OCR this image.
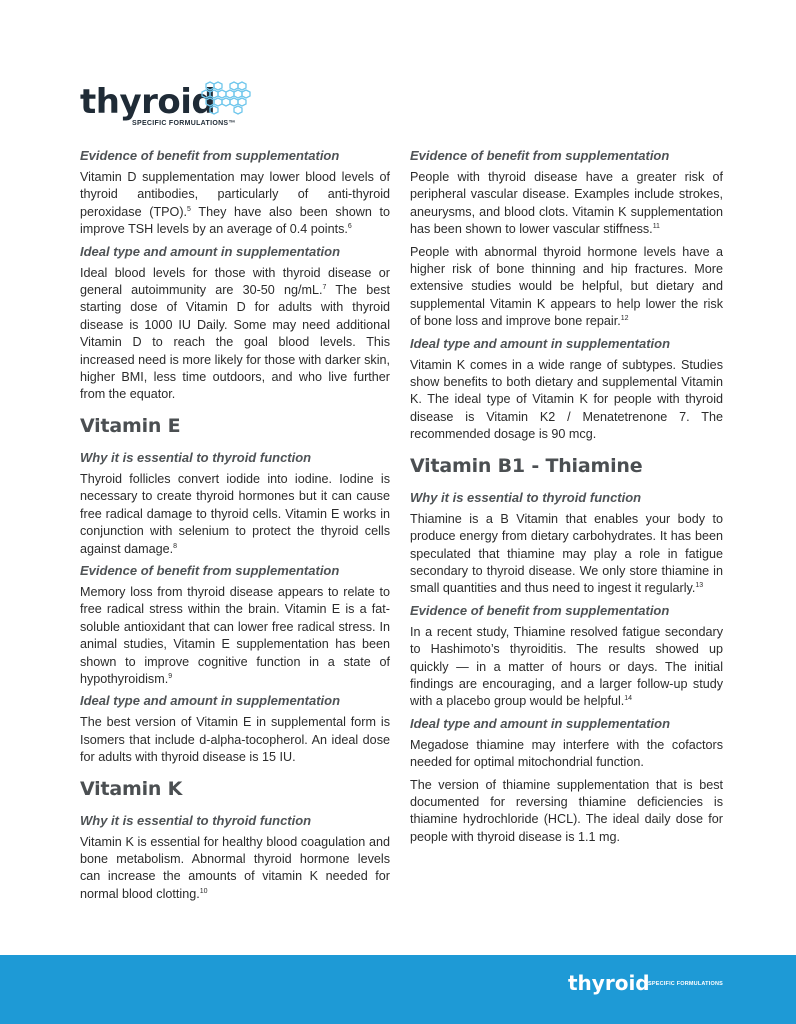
thyroid
SPECIFIC FORMULATIONS™
Evidence of benefit from supplementation
Vitamin D supplementation may lower blood levels of thyroid antibodies, particularly of anti-thyroid peroxidase (TPO).$^5$ They have also been shown to improve TSH levels by an average of 0.4 points.$^6$
Ideal type and amount in supplementation
Ideal blood levels for those with thyroid disease or general autoimmunity are 30-50 ng/mL.$^7$ The best starting dose of Vitamin D for adults with thyroid disease is 1000 IU Daily. Some may need additional Vitamin D to reach the goal blood levels. This increased need is more likely for those with darker skin, higher BMI, less time outdoors, and who live further from the equator.
Vitamin E
Why it is essential to thyroid function
Thyroid follicles convert iodide into iodine. Iodine is necessary to create thyroid hormones but it can cause free radical damage to thyroid cells. Vitamin E works in conjunction with selenium to protect the thyroid cells against damage.$^8$
Evidence of benefit from supplementation
Memory loss from thyroid disease appears to relate to free radical stress within the brain. Vitamin E is a fat-soluble antioxidant that can lower free radical stress. In animal studies, Vitamin E supplementation has been shown to improve cognitive function in a state of hypothyroidism.$^9$
Ideal type and amount in supplementation
The best version of Vitamin E in supplemental form is Isomers that include d-alpha-tocopherol. An ideal dose for adults with thyroid disease is 15 IU.
Vitamin K
Why it is essential to thyroid function
Vitamin K is essential for healthy blood coagulation and bone metabolism. Abnormal thyroid hormone levels can increase the amounts of vitamin K needed for normal blood clotting.$^{10}$
Evidence of benefit from supplementation
People with thyroid disease have a greater risk of peripheral vascular disease. Examples include strokes, aneurysms, and blood clots. Vitamin K supplementation has been shown to lower vascular stiffness.$^{11}$
People with abnormal thyroid hormone levels have a higher risk of bone thinning and hip fractures. More extensive studies would be helpful, but dietary and supplemental Vitamin K appears to help lower the risk of bone loss and improve bone repair.$^{12}$
Ideal type and amount in supplementation
Vitamin K comes in a wide range of subtypes. Studies show benefits to both dietary and supplemental Vitamin K. The ideal type of Vitamin K for people with thyroid disease is Vitamin K2 / Menatetrenone 7. The recommended dosage is 90 mcg.
Vitamin B1 - Thiamine
Why it is essential to thyroid function
Thiamine is a B Vitamin that enables your body to produce energy from dietary carbohydrates. It has been speculated that thiamine may play a role in fatigue secondary to thyroid disease. We only store thiamine in small quantities and thus need to ingest it regularly.$^{13}$
Evidence of benefit from supplementation
In a recent study, Thiamine resolved fatigue secondary to Hashimoto’s thyroiditis. The results showed up quickly — in a matter of hours or days. The initial findings are encouraging, and a larger follow-up study with a placebo group would be helpful.$^{14}$
Ideal type and amount in supplementation
Megadose thiamine may interfere with the cofactors needed for optimal mitochondrial function.
The version of thiamine supplementation that is best documented for reversing thiamine deficiencies is thiamine hydrochloride (HCL). The ideal daily dose for people with thyroid disease is 1.1 mg.
thyroid
SPECIFIC FORMULATIONS
